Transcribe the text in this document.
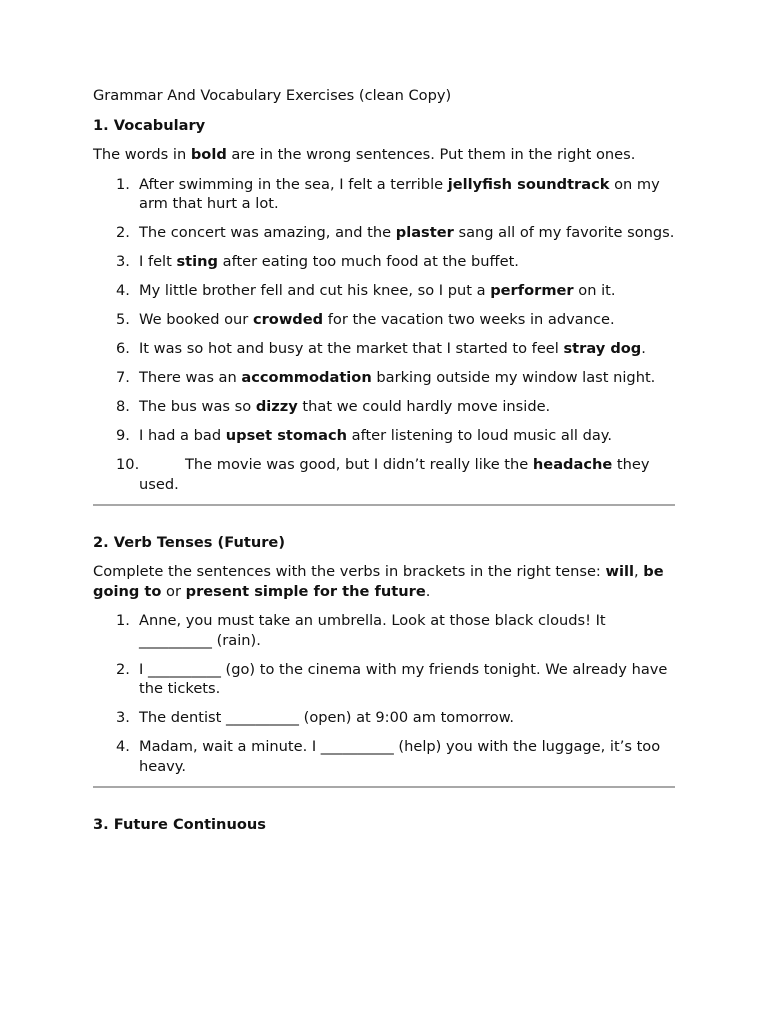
Grammar And Vocabulary Exercises (clean Copy)

1. Vocabulary

The words in bold are in the wrong sentences. Put them in the right ones.

1. After swimming in the sea, I felt a terrible jellyfish soundtrack on my arm that hurt a lot.
2. The concert was amazing, and the plaster sang all of my favorite songs.
3. I felt sting after eating too much food at the buffet.
4. My little brother fell and cut his knee, so I put a performer on it.
5. We booked our crowded for the vacation two weeks in advance.
6. It was so hot and busy at the market that I started to feel stray dog.
7. There was an accommodation barking outside my window last night.
8. The bus was so dizzy that we could hardly move inside.
9. I had a bad upset stomach after listening to loud music all day.
10.	The movie was good, but I didn’t really like the headache they used.

2. Verb Tenses (Future)

Complete the sentences with the verbs in brackets in the right tense: will, be going to or present simple for the future.

1. Anne, you must take an umbrella. Look at those black clouds! It __________ (rain).
2. I __________ (go) to the cinema with my friends tonight. We already have the tickets.
3. The dentist __________ (open) at 9:00 am tomorrow.
4. Madam, wait a minute. I __________ (help) you with the luggage, it’s too heavy.

3. Future Continuous
